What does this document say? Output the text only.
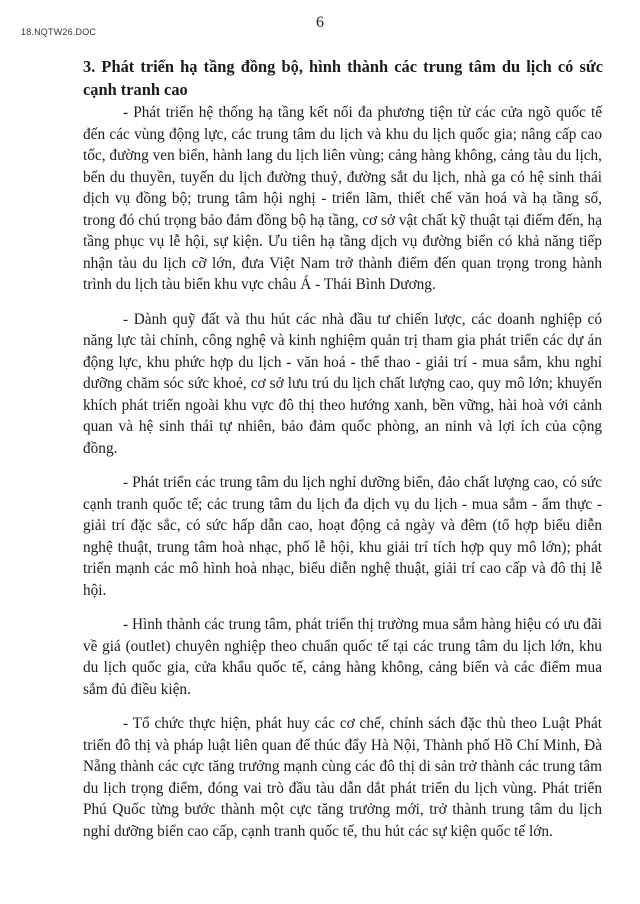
18.NQTW26.DOC
6
3. Phát triển hạ tầng đồng bộ, hình thành các trung tâm du lịch có sức cạnh tranh cao

- Phát triển hệ thống hạ tầng kết nối đa phương tiện từ các cửa ngõ quốc tế đến các vùng động lực, các trung tâm du lịch và khu du lịch quốc gia; nâng cấp cao tốc, đường ven biển, hành lang du lịch liên vùng; cảng hàng không, cảng tàu du lịch, bến du thuyền, tuyến du lịch đường thuỷ, đường sắt du lịch, nhà ga có hệ sinh thái dịch vụ đồng bộ; trung tâm hội nghị - triển lãm, thiết chế văn hoá và hạ tầng số, trong đó chú trọng bảo đảm đồng bộ hạ tầng, cơ sở vật chất kỹ thuật tại điểm đến, hạ tầng phục vụ lễ hội, sự kiện. Ưu tiên hạ tầng dịch vụ đường biển có khả năng tiếp nhận tàu du lịch cỡ lớn, đưa Việt Nam trở thành điểm đến quan trọng trong hành trình du lịch tàu biển khu vực châu Á - Thái Bình Dương.

- Dành quỹ đất và thu hút các nhà đầu tư chiến lược, các doanh nghiệp có năng lực tài chính, công nghệ và kinh nghiệm quản trị tham gia phát triển các dự án động lực, khu phức hợp du lịch - văn hoá - thể thao - giải trí - mua sắm, khu nghỉ dưỡng chăm sóc sức khoẻ, cơ sở lưu trú du lịch chất lượng cao, quy mô lớn; khuyến khích phát triển ngoài khu vực đô thị theo hướng xanh, bền vững, hài hoà với cảnh quan và hệ sinh thái tự nhiên, bảo đảm quốc phòng, an ninh và lợi ích của cộng đồng.

- Phát triển các trung tâm du lịch nghỉ dưỡng biển, đảo chất lượng cao, có sức cạnh tranh quốc tế; các trung tâm du lịch đa dịch vụ du lịch - mua sắm - ẩm thực - giải trí đặc sắc, có sức hấp dẫn cao, hoạt động cả ngày và đêm (tổ hợp biểu diễn nghệ thuật, trung tâm hoà nhạc, phố lễ hội, khu giải trí tích hợp quy mô lớn); phát triển mạnh các mô hình hoà nhạc, biểu diễn nghệ thuật, giải trí cao cấp và đô thị lễ hội.

- Hình thành các trung tâm, phát triển thị trường mua sắm hàng hiệu có ưu đãi về giá (outlet) chuyên nghiệp theo chuẩn quốc tế tại các trung tâm du lịch lớn, khu du lịch quốc gia, cửa khẩu quốc tế, cảng hàng không, cảng biển và các điểm mua sắm đủ điều kiện.

- Tổ chức thực hiện, phát huy các cơ chế, chính sách đặc thù theo Luật Phát triển đô thị và pháp luật liên quan để thúc đẩy Hà Nội, Thành phố Hồ Chí Minh, Đà Nẵng thành các cực tăng trưởng mạnh cùng các đô thị di sản trở thành các trung tâm du lịch trọng điểm, đóng vai trò đầu tàu dẫn dắt phát triển du lịch vùng. Phát triển Phú Quốc từng bước thành một cực tăng trưởng mới, trở thành trung tâm du lịch nghỉ dưỡng biển cao cấp, cạnh tranh quốc tế, thu hút các sự kiện quốc tế lớn.
